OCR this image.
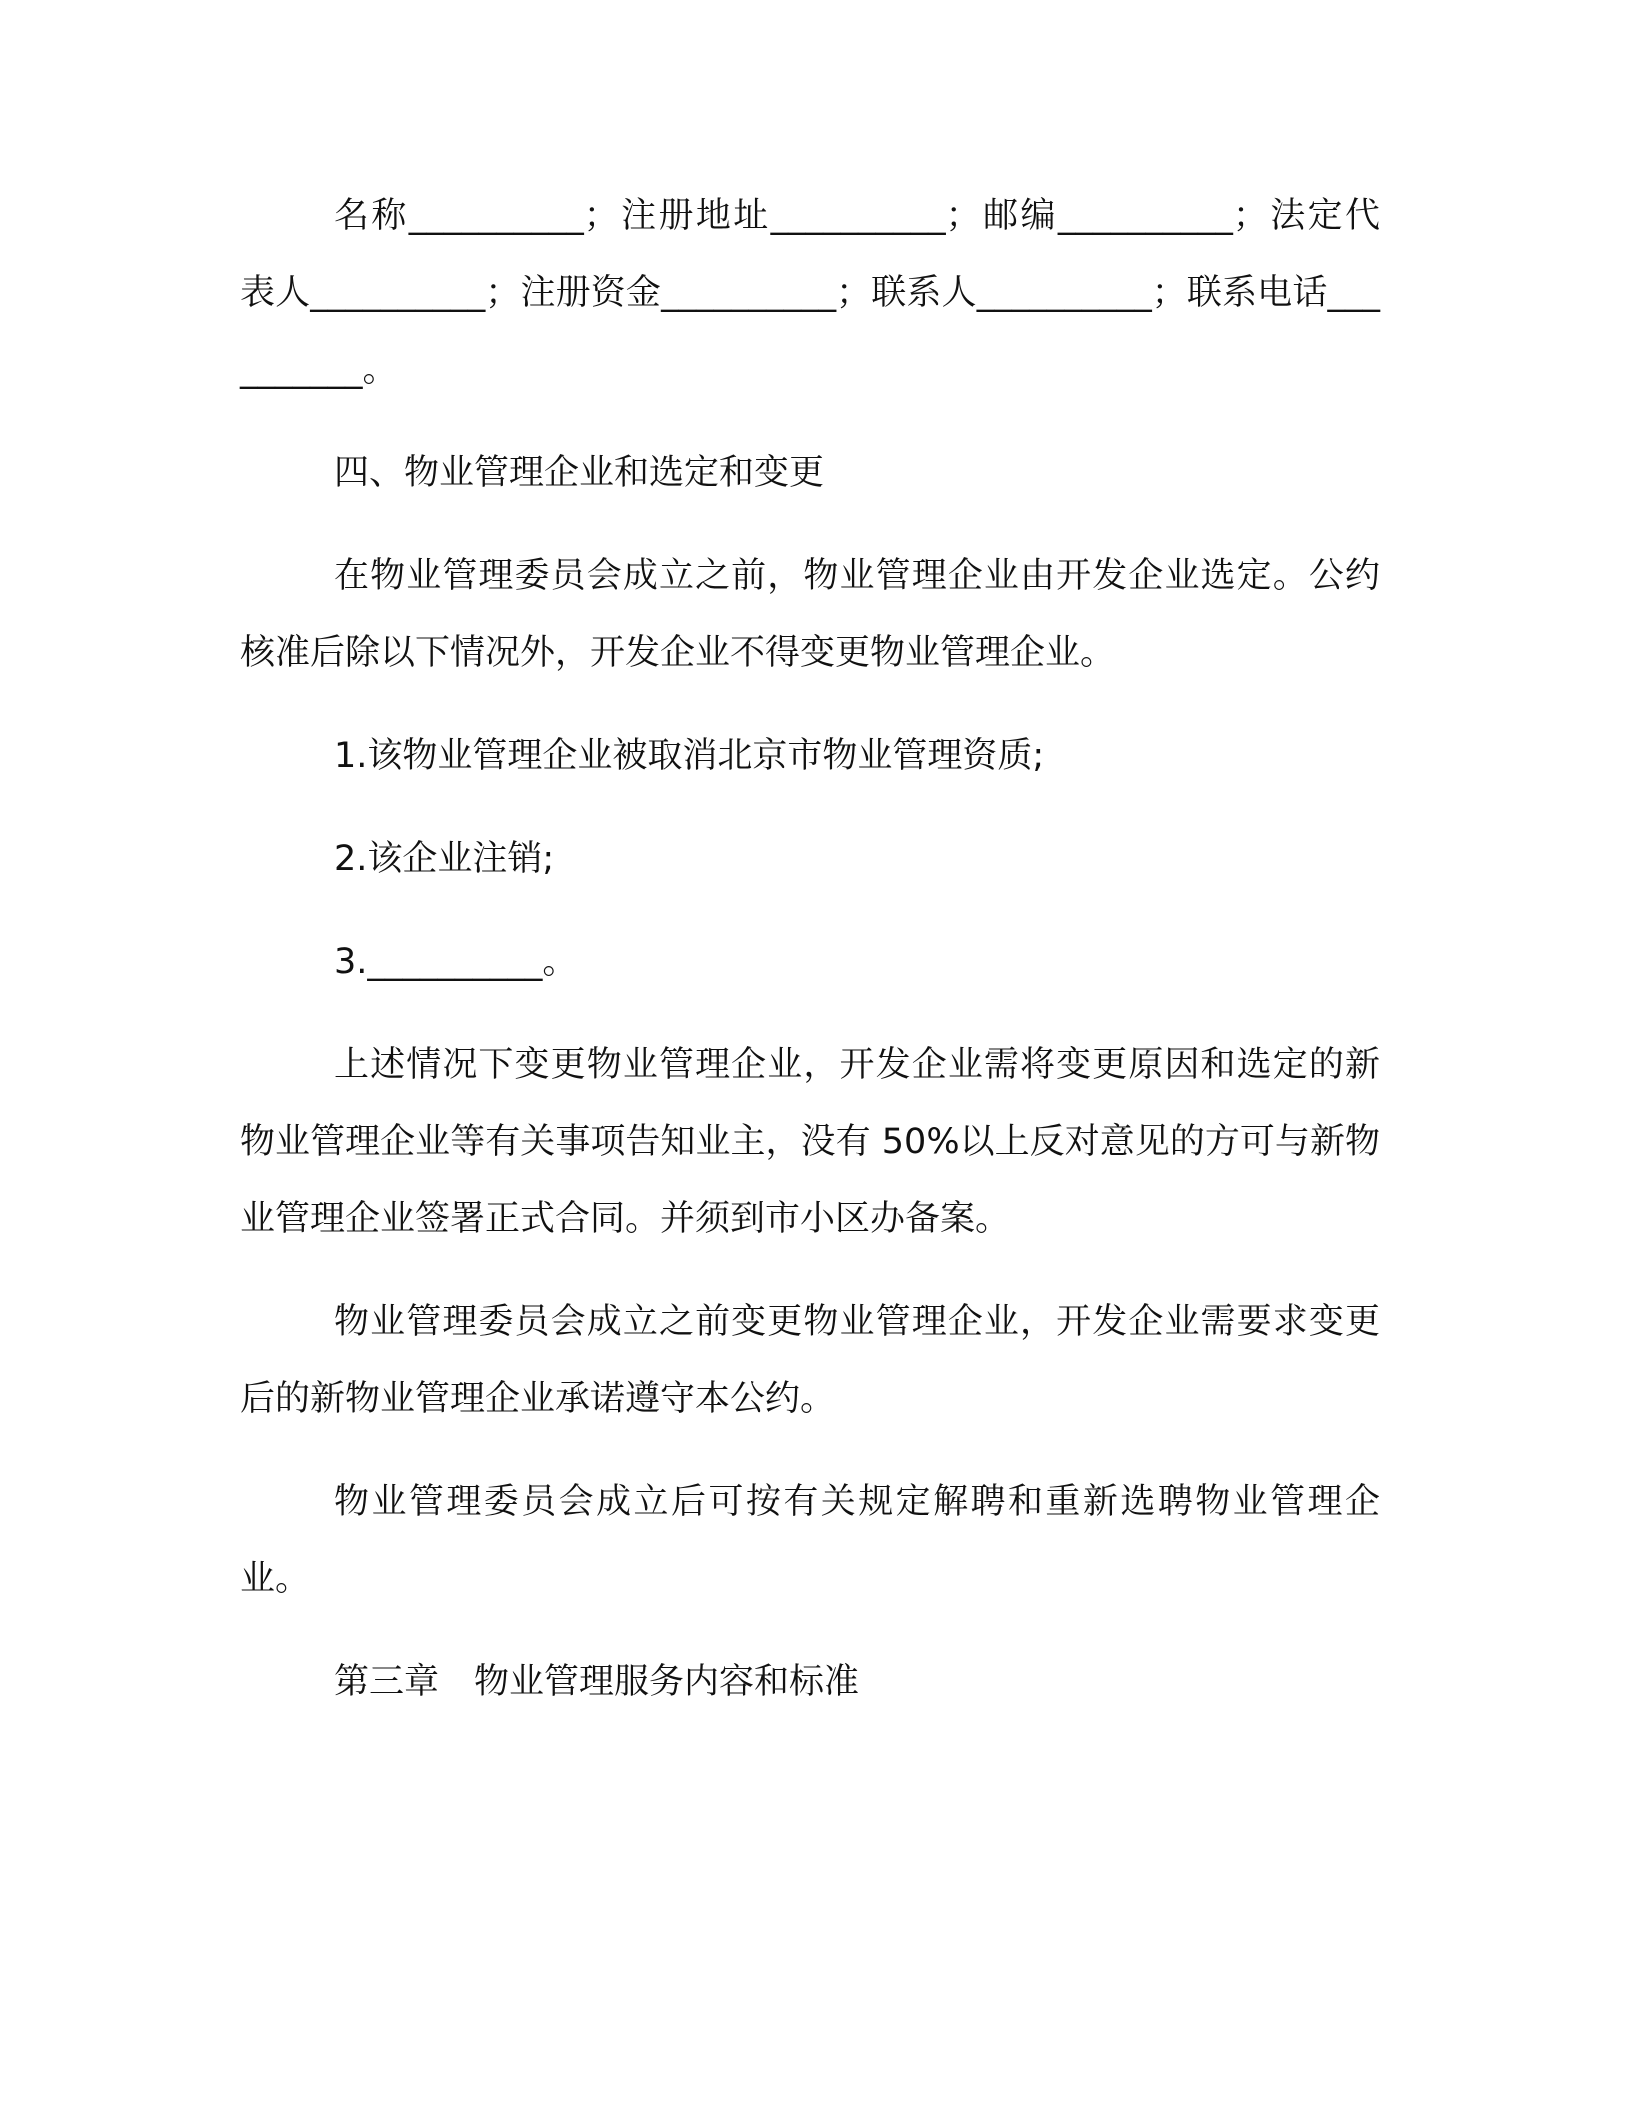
名称__________；注册地址__________；邮编__________；法定代表人__________；注册资金__________；联系人__________；联系电话__________。

四、物业管理企业和选定和变更

在物业管理委员会成立之前，物业管理企业由开发企业选定。公约核准后除以下情况外，开发企业不得变更物业管理企业。

1.该物业管理企业被取消北京市物业管理资质;

2.该企业注销;

3.__________。

上述情况下变更物业管理企业，开发企业需将变更原因和选定的新物业管理企业等有关事项告知业主，没有 50%以上反对意见的方可与新物业管理企业签署正式合同。并须到市小区办备案。

物业管理委员会成立之前变更物业管理企业，开发企业需要求变更后的新物业管理企业承诺遵守本公约。

物业管理委员会成立后可按有关规定解聘和重新选聘物业管理企业。

第三章　物业管理服务内容和标准
